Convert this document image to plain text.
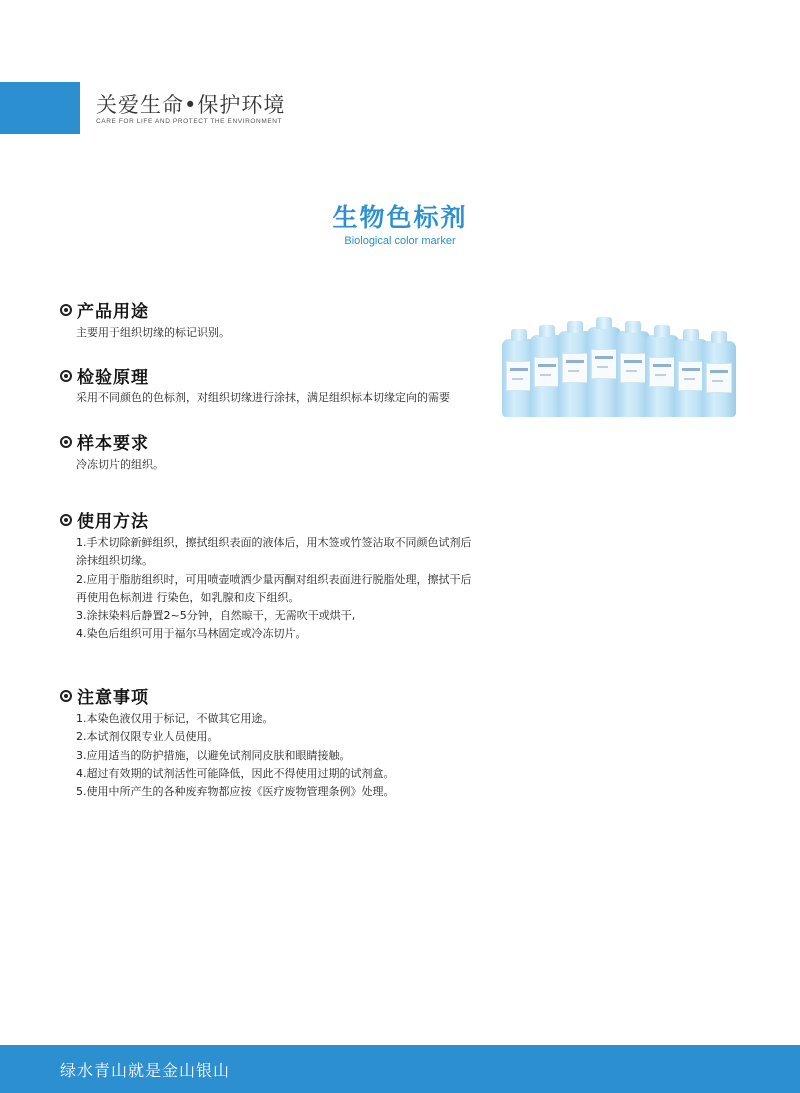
关爱生命•保护环境
CARE FOR LIFE AND PROTECT THE ENVIRONMENT
生物色标剂
Biological color marker
产品用途
主要用于组织切缘的标记识别。
检验原理
采用不同颜色的色标剂，对组织切缘进行涂抹，满足组织标本切缘定向的需要
样本要求
冷冻切片的组织。
使用方法
1.手术切除新鲜组织，擦拭组织表面的液体后，用木签或竹签沾取不同颜色试剂后
涂抹组织切缘。
2.应用于脂肪组织时，可用喷壶喷洒少量丙酮对组织表面进行脱脂处理，擦拭干后
再使用色标剂进 行染色，如乳腺和皮下组织。
3.涂抹染料后静置2~5分钟，自然晾干，无需吹干或烘干,
4.染色后组织可用于福尔马林固定或冷冻切片。
注意事项
1.本染色液仅用于标记，不做其它用途。
2.本试剂仅限专业人员使用。
3.应用适当的防护措施，以避免试剂同皮肤和眼睛接触。
4.超过有效期的试剂活性可能降低，因此不得使用过期的试剂盒。
5.使用中所产生的各种废弃物都应按《医疗废物管理条例》处理。
绿水青山就是金山银山
